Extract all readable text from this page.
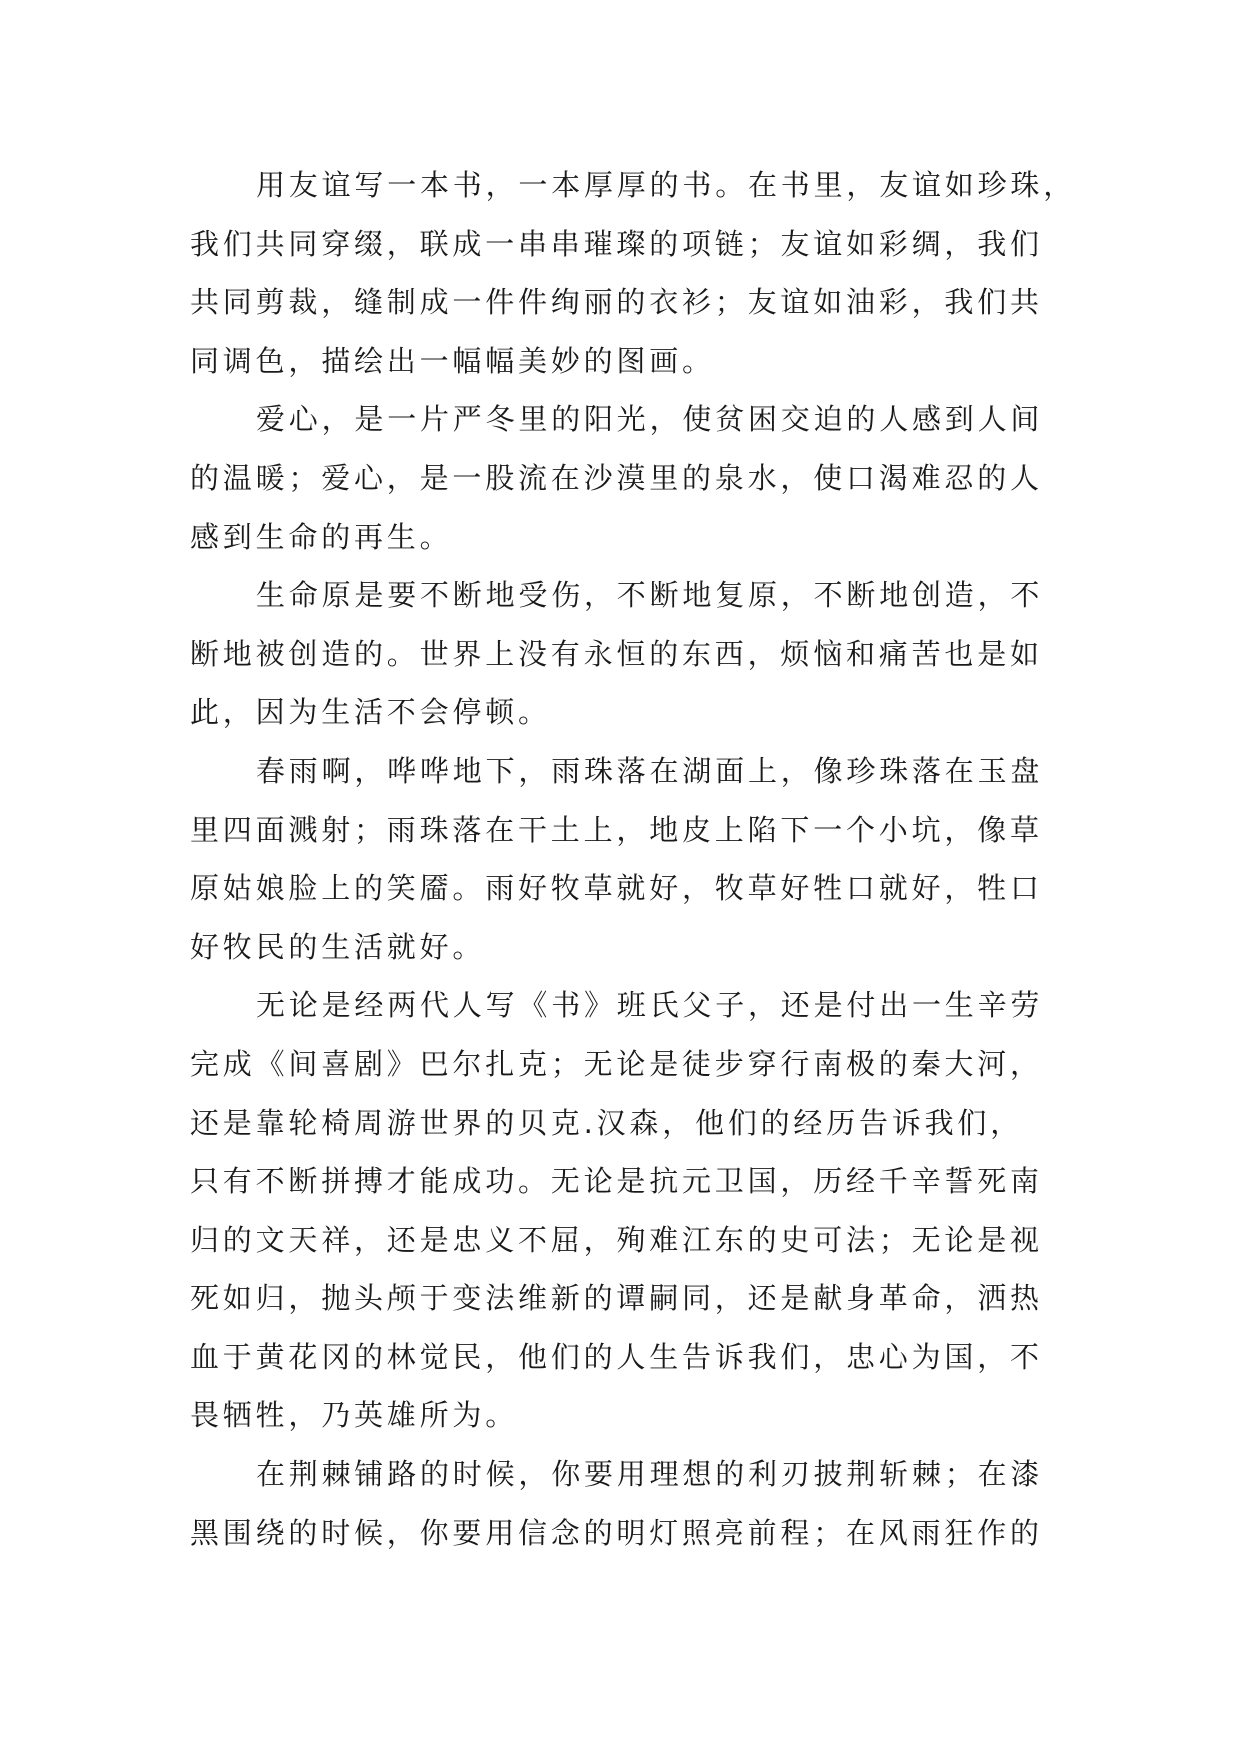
用友谊写一本书，一本厚厚的书。在书里，友谊如珍珠，
我们共同穿缀，联成一串串璀璨的项链；友谊如彩绸，我们
共同剪裁，缝制成一件件绚丽的衣衫；友谊如油彩，我们共
同调色，描绘出一幅幅美妙的图画。
爱心，是一片严冬里的阳光，使贫困交迫的人感到人间
的温暖；爱心，是一股流在沙漠里的泉水，使口渴难忍的人
感到生命的再生。
生命原是要不断地受伤，不断地复原，不断地创造，不
断地被创造的。世界上没有永恒的东西，烦恼和痛苦也是如
此，因为生活不会停顿。
春雨啊，哗哗地下，雨珠落在湖面上，像珍珠落在玉盘
里四面溅射；雨珠落在干土上，地皮上陷下一个小坑，像草
原姑娘脸上的笑靥。雨好牧草就好，牧草好牲口就好，牲口
好牧民的生活就好。
无论是经两代人写《书》班氏父子，还是付出一生辛劳
完成《间喜剧》巴尔扎克；无论是徒步穿行南极的秦大河，
还是靠轮椅周游世界的贝克.汉森，他们的经历告诉我们，
只有不断拼搏才能成功。无论是抗元卫国，历经千辛誓死南
归的文天祥，还是忠义不屈，殉难江东的史可法；无论是视
死如归，抛头颅于变法维新的谭嗣同，还是献身革命，洒热
血于黄花冈的林觉民，他们的人生告诉我们，忠心为国，不
畏牺牲，乃英雄所为。
在荆棘铺路的时候，你要用理想的利刃披荆斩棘；在漆
黑围绕的时候，你要用信念的明灯照亮前程；在风雨狂作的
